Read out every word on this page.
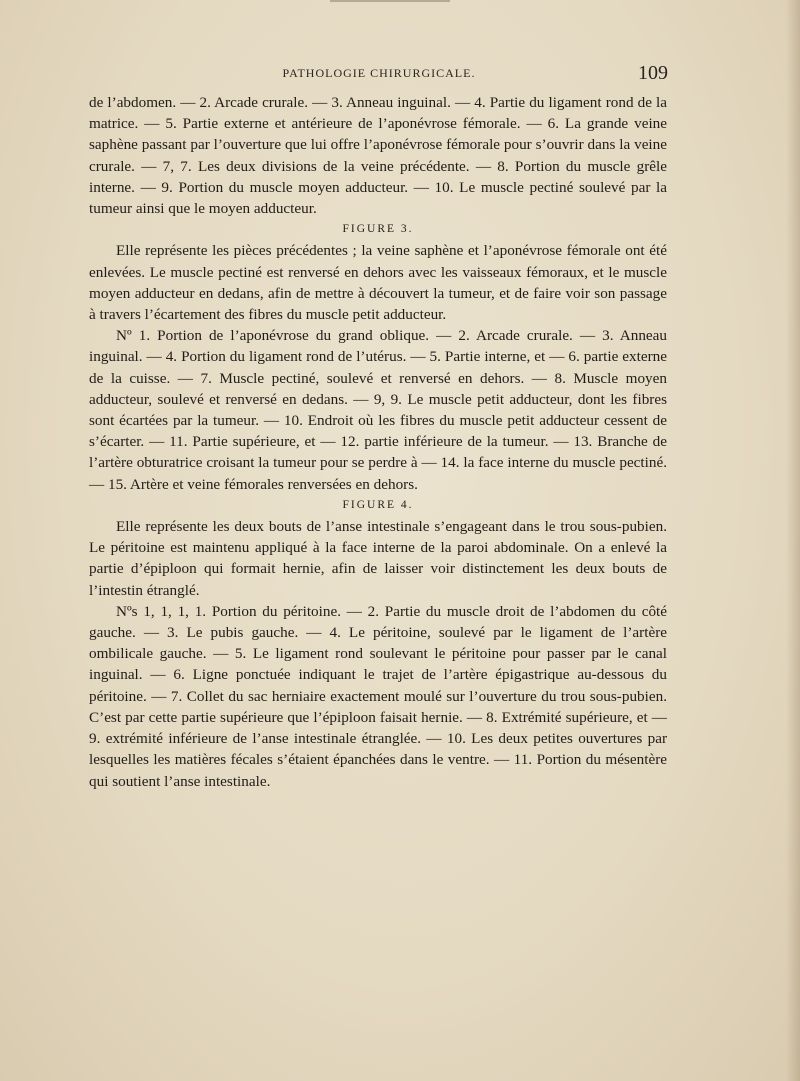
PATHOLOGIE CHIRURGICALE.	109

de l’abdomen. — 2. Arcade crurale. — 3. Anneau inguinal. — 4. Partie du ligament rond de la matrice. — 5. Partie externe et antérieure de l’aponévrose fémorale. — 6. La grande veine saphène passant par l’ouverture que lui offre l’aponévrose fémorale pour s’ouvrir dans la veine crurale. — 7, 7. Les deux divisions de la veine précédente. — 8. Portion du muscle grêle interne. — 9. Portion du muscle moyen adducteur. — 10. Le muscle pectiné soulevé par la tumeur ainsi que le moyen adducteur.

FIGURE 3.

Elle représente les pièces précédentes ; la veine saphène et l’aponévrose fémorale ont été enlevées. Le muscle pectiné est renversé en dehors avec les vaisseaux fémoraux, et le muscle moyen adducteur en dedans, afin de mettre à découvert la tumeur, et de faire voir son passage à travers l’écartement des fibres du muscle petit adducteur.

Nº 1. Portion de l’aponévrose du grand oblique. — 2. Arcade crurale. — 3. Anneau inguinal. — 4. Portion du ligament rond de l’utérus. — 5. Partie interne, et — 6. partie externe de la cuisse. — 7. Muscle pectiné, soulevé et renversé en dehors. — 8. Muscle moyen adducteur, soulevé et renversé en dedans. — 9, 9. Le muscle petit adducteur, dont les fibres sont écartées par la tumeur. — 10. Endroit où les fibres du muscle petit adducteur cessent de s’écarter. — 11. Partie supérieure, et — 12. partie inférieure de la tumeur. — 13. Branche de l’artère obturatrice croisant la tumeur pour se perdre à — 14. la face interne du muscle pectiné. — 15. Artère et veine fémorales renversées en dehors.

FIGURE 4.

Elle représente les deux bouts de l’anse intestinale s’engageant dans le trou sous-pubien. Le péritoine est maintenu appliqué à la face interne de la paroi abdominale. On a enlevé la partie d’épiploon qui formait hernie, afin de laisser voir distinctement les deux bouts de l’intestin étranglé.

Nºs 1, 1, 1, 1. Portion du péritoine. — 2. Partie du muscle droit de l’abdomen du côté gauche. — 3. Le pubis gauche. — 4. Le péritoine, soulevé par le ligament de l’artère ombilicale gauche. — 5. Le ligament rond soulevant le péritoine pour passer par le canal inguinal. — 6. Ligne ponctuée indiquant le trajet de l’artère épigastrique au-dessous du péritoine. — 7. Collet du sac herniaire exactement moulé sur l’ouverture du trou sous-pubien. C’est par cette partie supérieure que l’épiploon faisait hernie. — 8. Extrémité supérieure, et — 9. extrémité inférieure de l’anse intestinale étranglée. — 10. Les deux petites ouvertures par lesquelles les matières fécales s’étaient épanchées dans le ventre. — 11. Portion du mésentère qui soutient l’anse intestinale.
